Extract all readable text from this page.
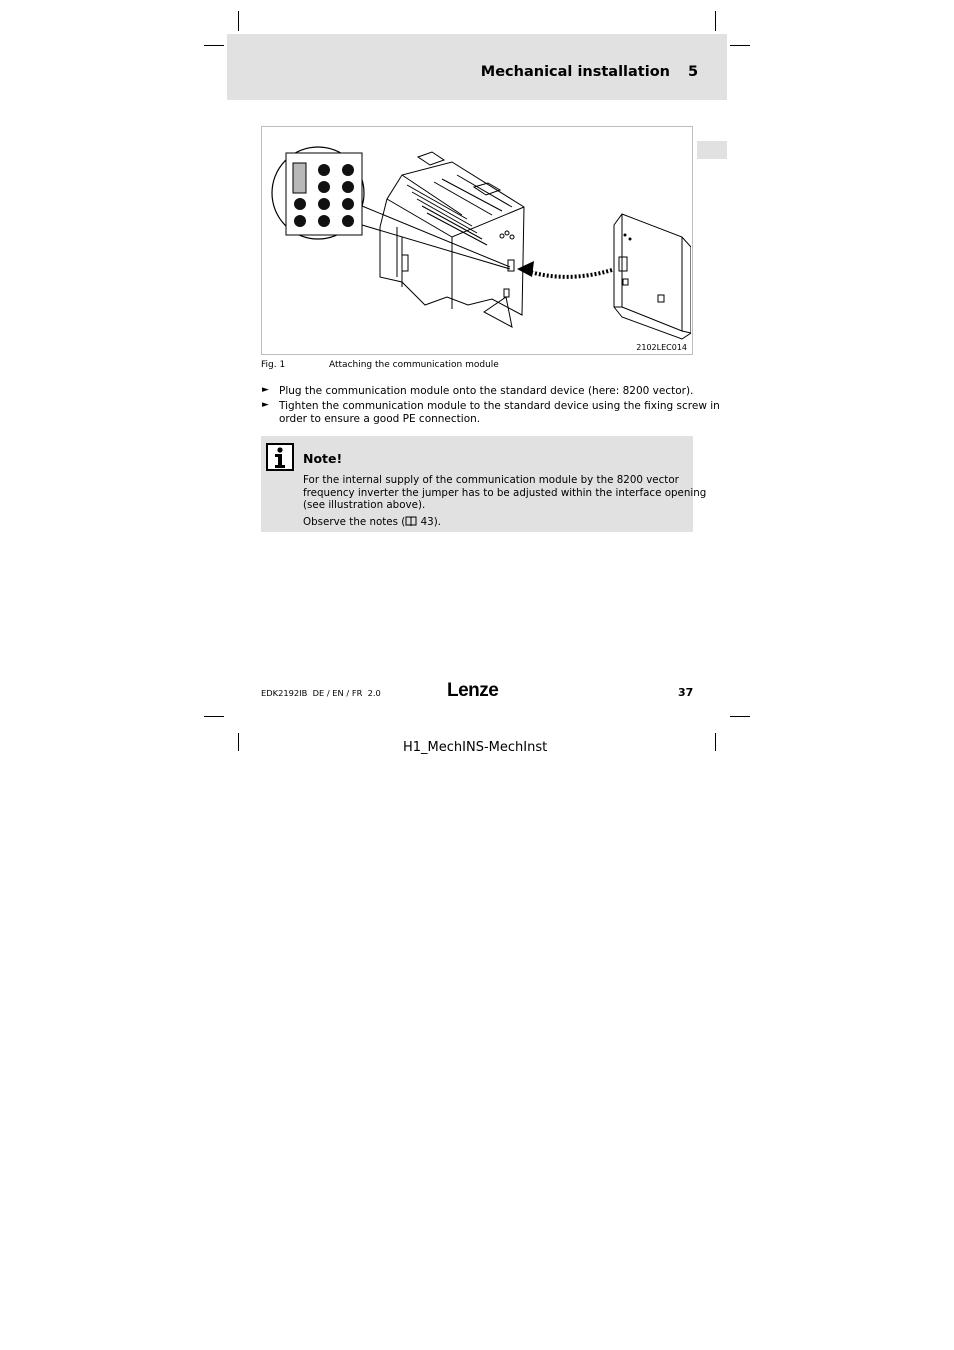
Mechanical installation 5
2102LEC014
Fig. 1	Attaching the communication module
► Plug the communication module onto the standard device (here: 8200 vector).
► Tighten the communication module to the standard device using the fixing screw in
order to ensure a good PE connection.
Note!
For the internal supply of the communication module by the 8200 vector
frequency inverter the jumper has to be adjusted within the interface opening
(see illustration above).
Observe the notes ( 43).
EDK2192IB  DE / EN / FR  2.0	Lenze	37
H1_MechINS-MechInst
